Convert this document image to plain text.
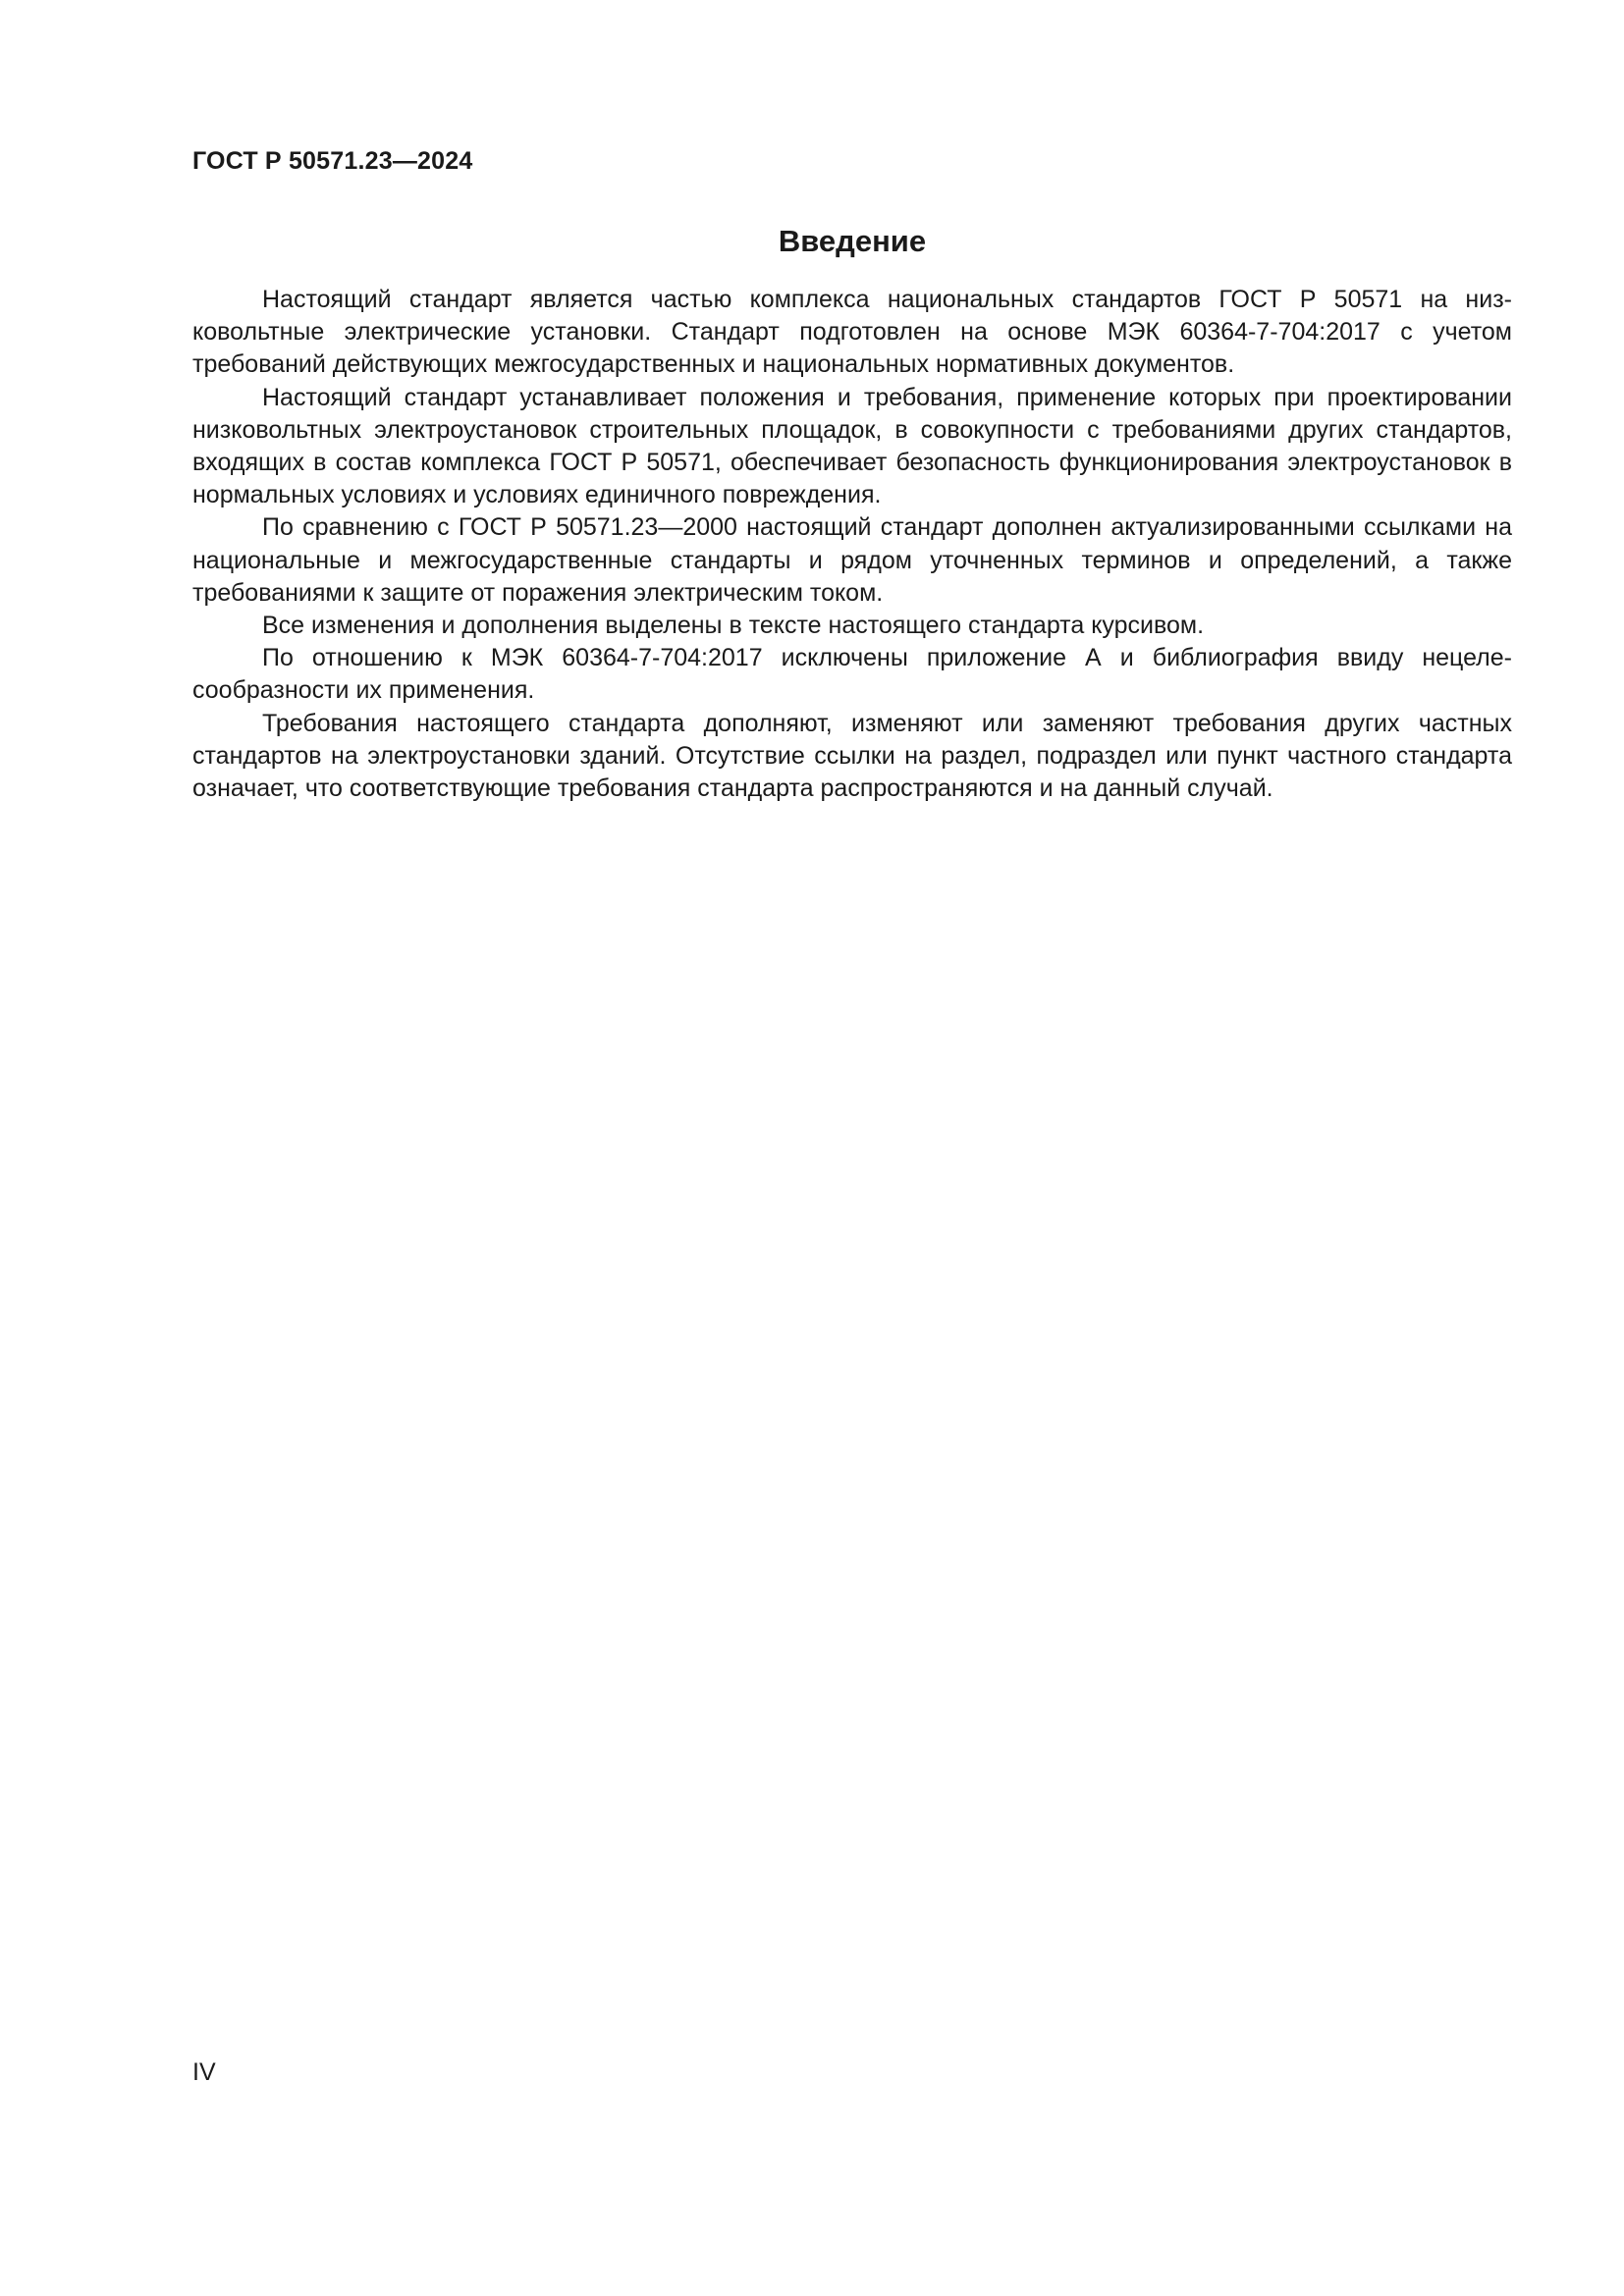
ГОСТ Р 50571.23—2024
Введение

Настоящий стандарт является частью комплекса национальных стандартов ГОСТ Р 50571 на низковольтные электрические установки. Стандарт подготовлен на основе МЭК 60364-7-704:2017 с учетом требований действующих межгосударственных и национальных нормативных документов.

Настоящий стандарт устанавливает положения и требования, применение которых при проектировании низковольтных электроустановок строительных площадок, в совокупности с требованиями других стандартов, входящих в состав комплекса ГОСТ Р 50571, обеспечивает безопасность функционирования электроустановок в нормальных условиях и условиях единичного повреждения.

По сравнению с ГОСТ Р 50571.23—2000 настоящий стандарт дополнен актуализированными ссылками на национальные и межгосударственные стандарты и рядом уточненных терминов и определений, а также требованиями к защите от поражения электрическим током.

Все изменения и дополнения выделены в тексте настоящего стандарта курсивом.

По отношению к МЭК 60364-7-704:2017 исключены приложение А и библиография ввиду нецелесообразности их применения.

Требования настоящего стандарта дополняют, изменяют или заменяют требования других частных стандартов на электроустановки зданий. Отсутствие ссылки на раздел, подраздел или пункт частного стандарта означает, что соответствующие требования стандарта распространяются и на данный случай.

IV
